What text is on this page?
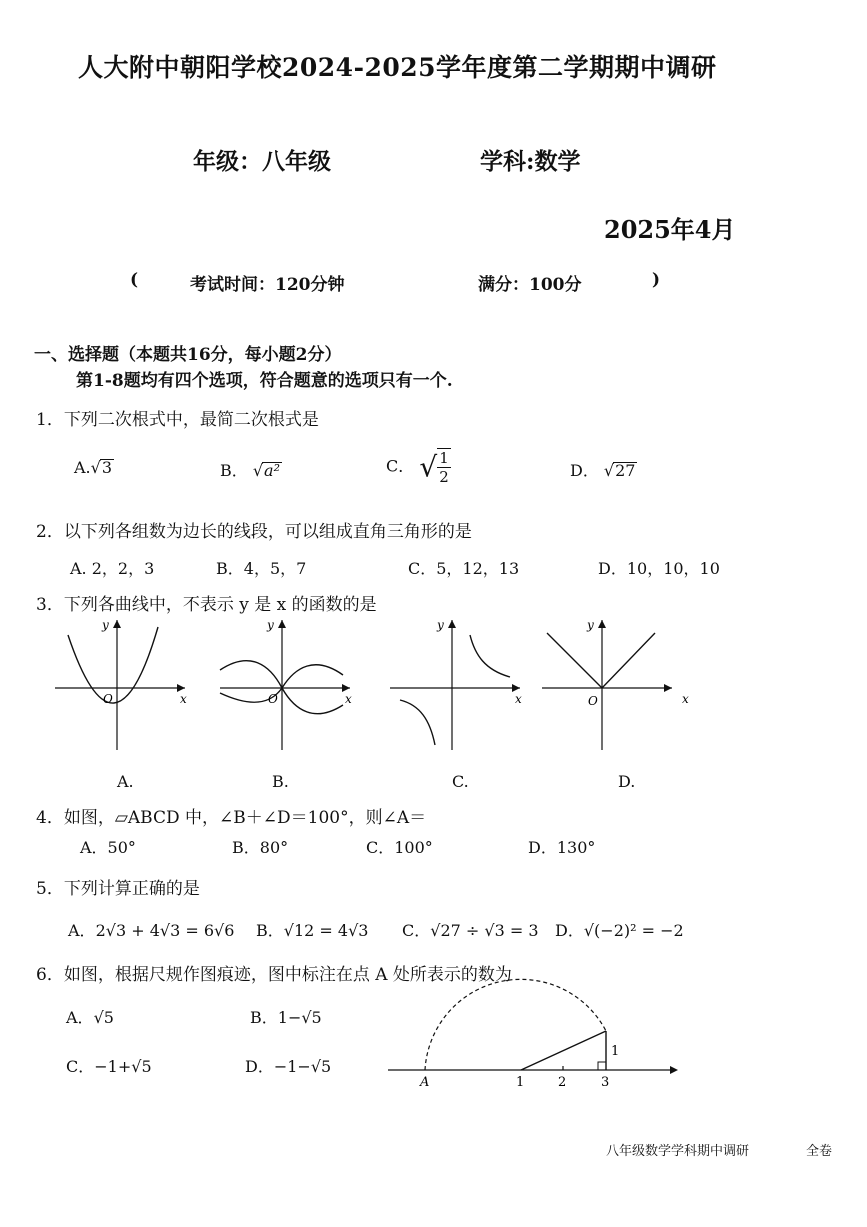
人大附中朝阳学校2024-2025学年度第二学期期中调研
年级：八年级	学科:数学
2025年4月
(	考试时间：120分钟	满分：100分	)
一、选择题（本题共16分，每小题2分）
第1-8题均有四个选项，符合题意的选项只有一个.
1．下列二次根式中，最简二次根式是
A.√3	B． √a²	C． √ $\frac{1}{2}$	D． √27
2．以下列各组数为边长的线段，可以组成直角三角形的是
A. 2，2，3	B．4，5，7	C．5，12，13	D．10，10，10
3．下列各曲线中，不表示 y 是 x 的函数的是
x
y
O	x
y
O	x
y
x
y
O
A.	B.	C.	D.
4．如图，▱ABCD 中，∠B＋∠D＝100°，则∠A＝
A．50°	B．80°	C．100°	D．130°
5．下列计算正确的是
A．2√3 + 4√3 = 6√6 B．√12 = 4√3 C．√27 ÷ √3 = 3 D．√(−2)² = −2
6．如图，根据尺规作图痕迹，图中标注在点 A 处所表示的数为
A．√5	B．1−√5
C．−1+√5	D．−1−√5
A	1	2	3
1
八年级数学学科期中调研	全卷
